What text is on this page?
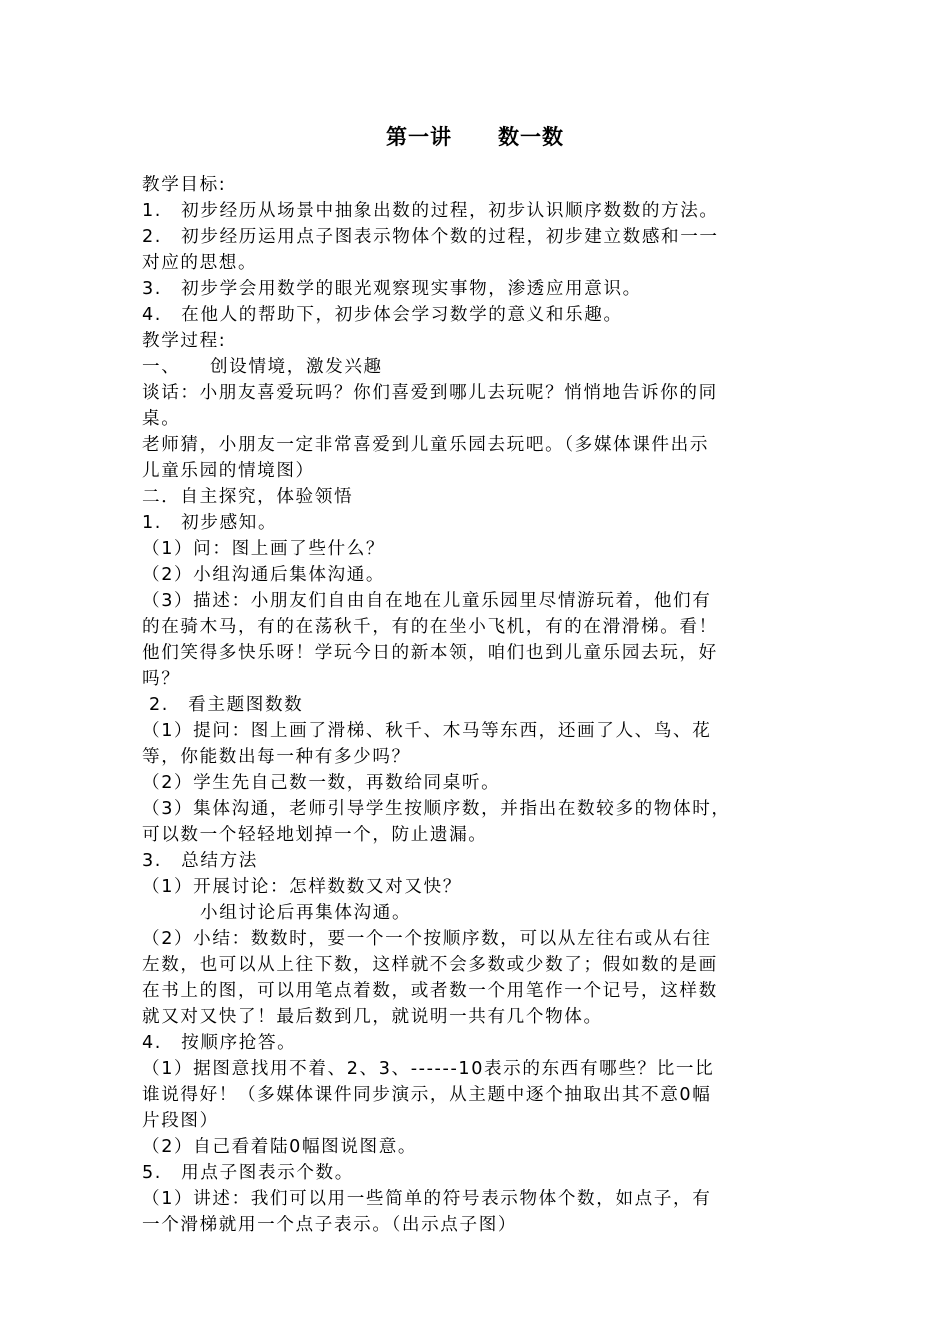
第一讲 数一数

教学目标:

1.　初步经历从场景中抽象出数的过程，初步认识顺序数数的方法。

2.　初步经历运用点子图表示物体个数的过程，初步建立数感和一一

对应的思想。

3.　初步学会用数学的眼光观察现实事物，渗透应用意识。

4.　在他人的帮助下，初步体会学习数学的意义和乐趣。

教学过程:

一、　　创设情境，激发兴趣

谈话：小朋友喜爱玩吗？你们喜爱到哪儿去玩呢？悄悄地告诉你的同

桌。

老师猜，小朋友一定非常喜爱到儿童乐园去玩吧。（多媒体课件出示

儿童乐园的情境图）

二．自主探究，体验领悟

1.　初步感知。

（1）问：图上画了些什么？

（2）小组沟通后集体沟通。

（3）描述：小朋友们自由自在地在儿童乐园里尽情游玩着，他们有

的在骑木马，有的在荡秋千，有的在坐小飞机，有的在滑滑梯。看！

他们笑得多快乐呀！学玩今日的新本领，咱们也到儿童乐园去玩，好

吗？

2.　看主题图数数

（1）提问：图上画了滑梯、秋千、木马等东西，还画了人、鸟、花

等，你能数出每一种有多少吗？

（2）学生先自己数一数，再数给同桌听。

（3）集体沟通，老师引导学生按顺序数，并指出在数较多的物体时，

可以数一个轻轻地划掉一个，防止遗漏。

3.　总结方法

（1）开展讨论：怎样数数又对又快？

小组讨论后再集体沟通。

（2）小结：数数时，要一个一个按顺序数，可以从左往右或从右往

左数，也可以从上往下数，这样就不会多数或少数了；假如数的是画

在书上的图，可以用笔点着数，或者数一个用笔作一个记号，这样数

就又对又快了！最后数到几，就说明一共有几个物体。

4.　按顺序抢答。

（1）据图意找用不着、2、3、------10表示的东西有哪些？比一比

谁说得好！（多媒体课件同步演示，从主题中逐个抽取出其不意0幅

片段图）

（2）自己看着陆0幅图说图意。

5.　用点子图表示个数。

（1）讲述：我们可以用一些简单的符号表示物体个数，如点子，有

一个滑梯就用一个点子表示。（出示点子图）
